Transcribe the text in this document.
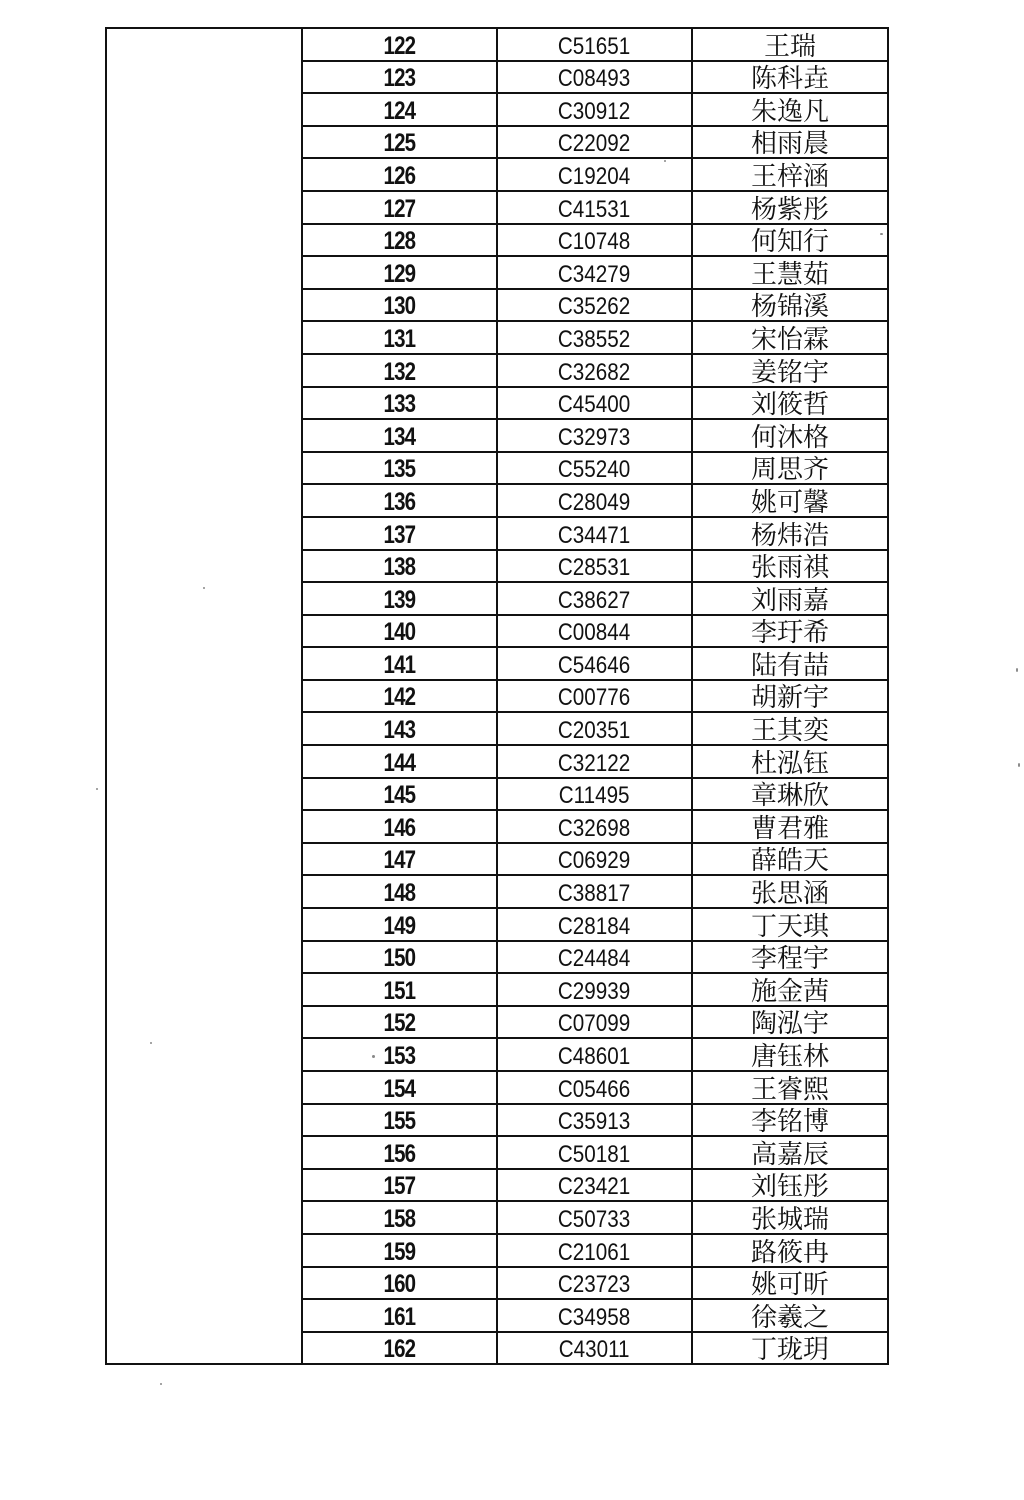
	122	C51651	王瑞
	123	C08493	陈科垚
	124	C30912	朱逸凡
	125	C22092	相雨晨
	126	C19204	王梓涵
	127	C41531	杨紫彤
	128	C10748	何知行
	129	C34279	王慧茹
	130	C35262	杨锦溪
	131	C38552	宋怡霖
	132	C32682	姜铭宇
	133	C45400	刘筱哲
	134	C32973	何沐格
	135	C55240	周思齐
	136	C28049	姚可馨
	137	C34471	杨炜浩
	138	C28531	张雨祺
	139	C38627	刘雨嘉
	140	C00844	李玗希
	141	C54646	陆有喆
	142	C00776	胡新宇
	143	C20351	王其奕
	144	C32122	杜泓钰
	145	C11495	章琳欣
	146	C32698	曹君雅
	147	C06929	薛皓天
	148	C38817	张思涵
	149	C28184	丁天琪
	150	C24484	李程宇
	151	C29939	施金茜
	152	C07099	陶泓宇
	153	C48601	唐钰林
	154	C05466	王睿熙
	155	C35913	李铭博
	156	C50181	高嘉辰
	157	C23421	刘钰彤
	158	C50733	张城瑞
	159	C21061	路筱冉
	160	C23723	姚可昕
	161	C34958	徐羲之
	162	C43011	丁珑玥
